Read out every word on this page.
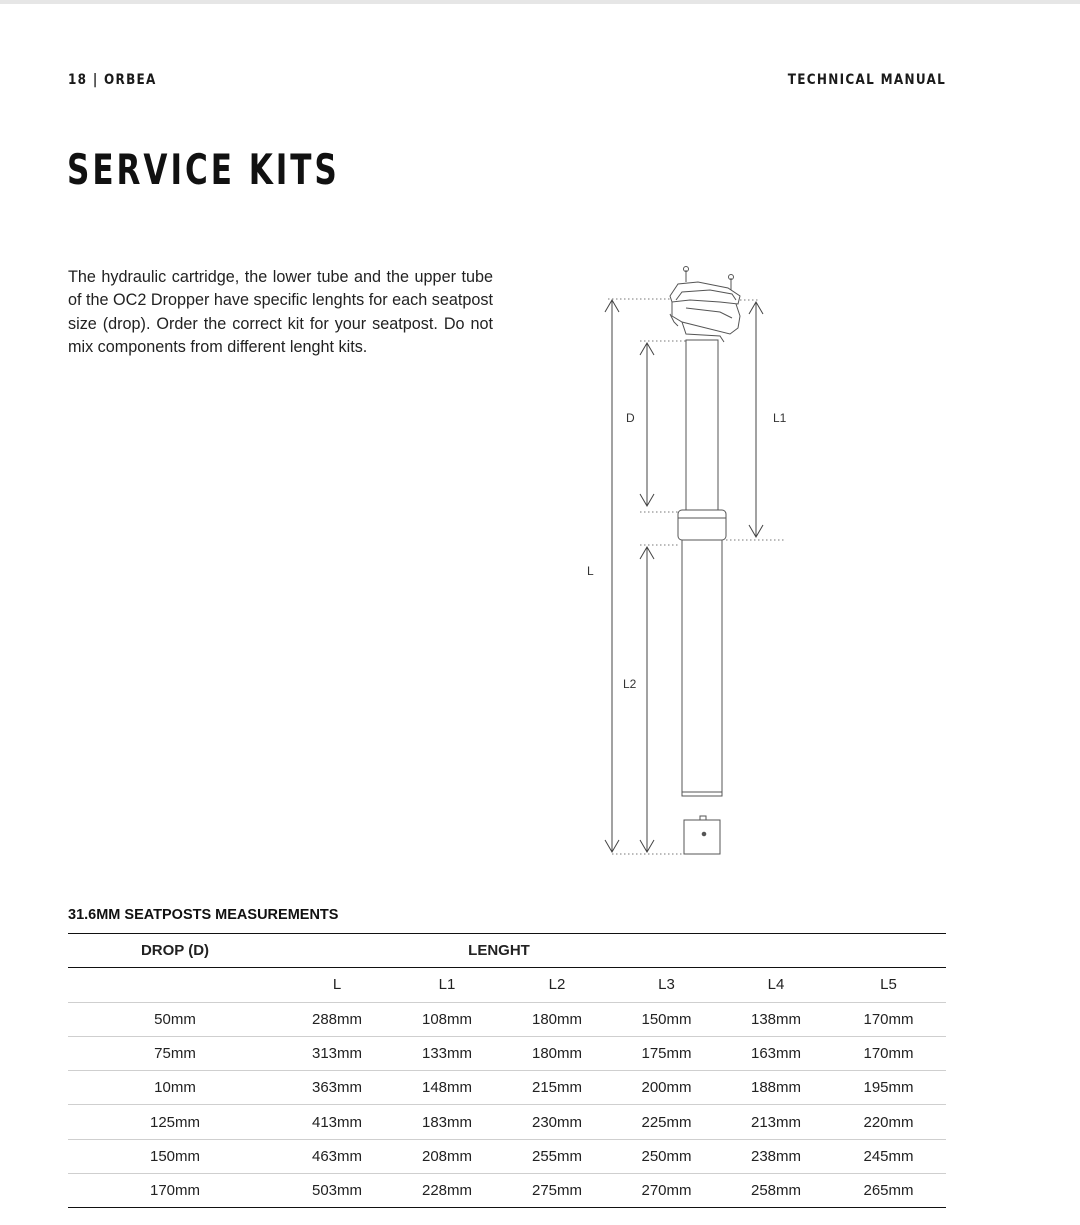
18 | ORBEA	TECHNICAL MANUAL
SERVICE KITS

The hydraulic cartridge, the lower tube and the upper tube of the OC2 Dropper have specific lenghts for each seatpost size (drop). Order the correct kit for your seatpost. Do not mix components from different lenght kits.

D	L1
L
L2
31.6MM SEATPOSTS MEASUREMENTS
DROP (D)	LENGHT					
	L	L1	L2	L3	L4	L5
50mm	288mm	108mm	180mm	150mm	138mm	170mm
75mm	313mm	133mm	180mm	175mm	163mm	170mm
10mm	363mm	148mm	215mm	200mm	188mm	195mm
125mm	413mm	183mm	230mm	225mm	213mm	220mm
150mm	463mm	208mm	255mm	250mm	238mm	245mm
170mm	503mm	228mm	275mm	270mm	258mm	265mm
